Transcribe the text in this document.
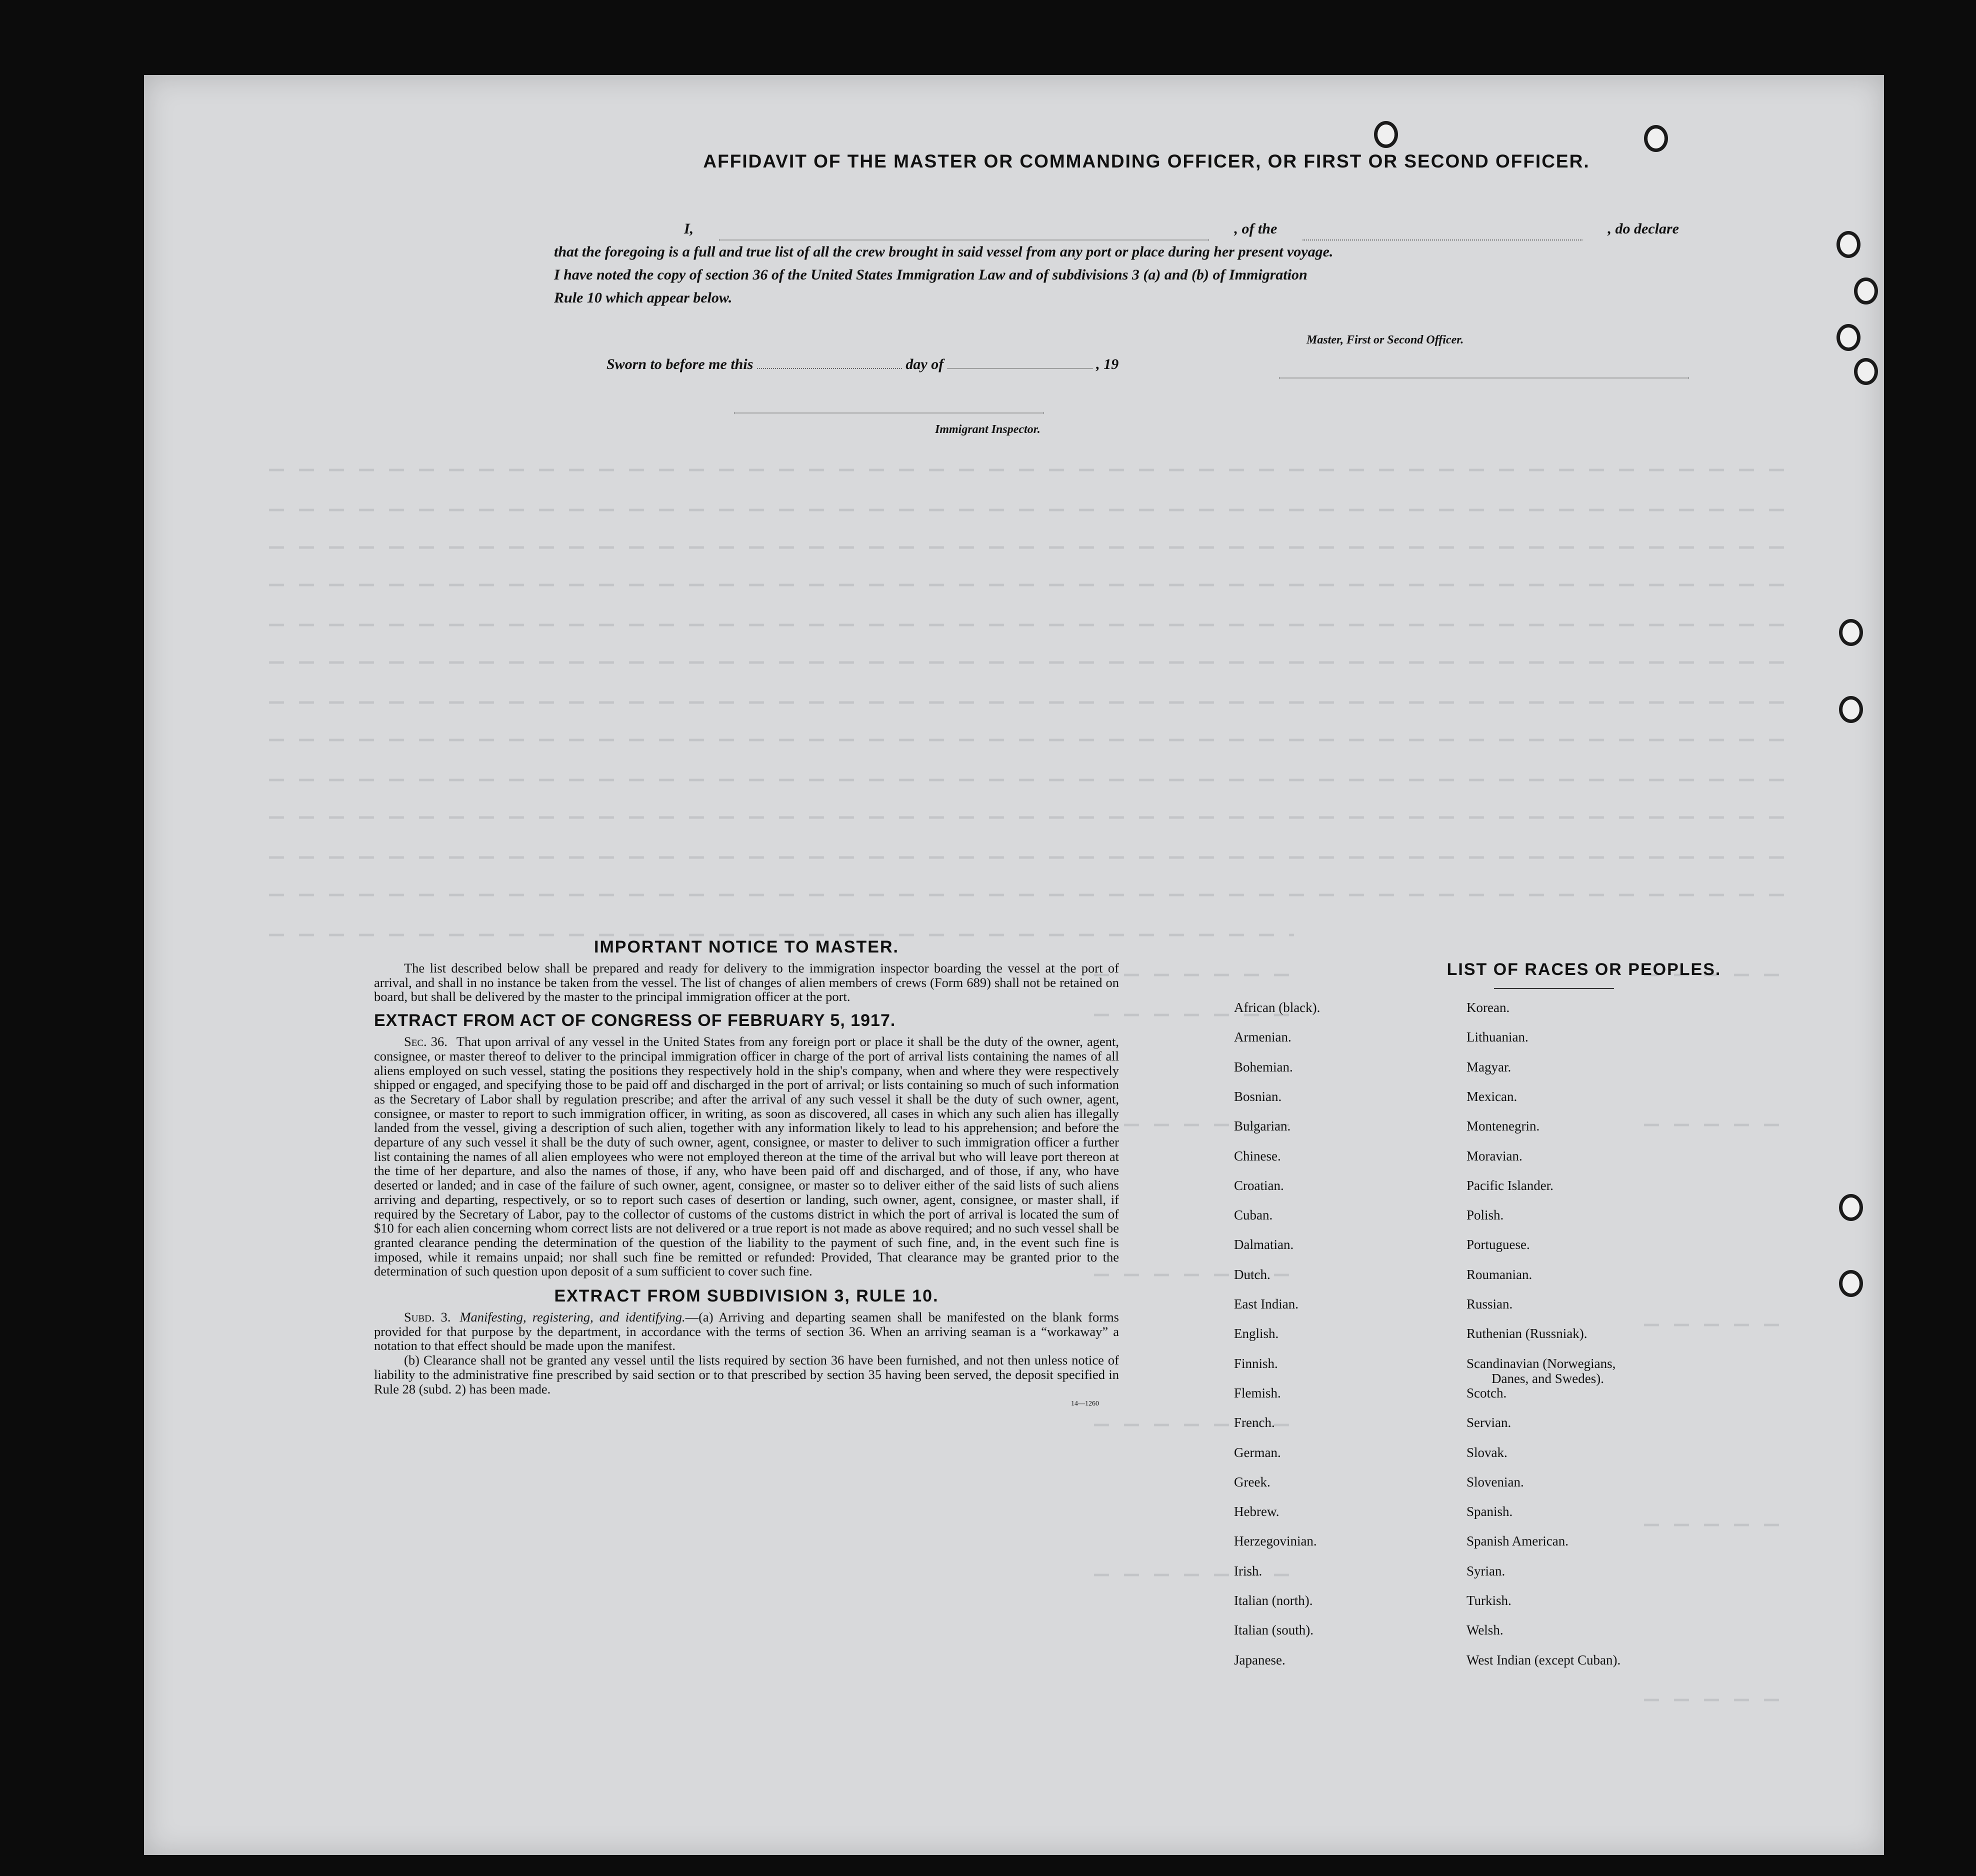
AFFIDAVIT OF THE MASTER OR COMMANDING OFFICER, OR FIRST OR SECOND OFFICER.
I,	, of the	, do declare
that the foregoing is a full and true list of all the crew brought in said vessel from any port or place during her present voyage.
I have noted the copy of section 36 of the United States Immigration Law and of subdivisions 3 (a) and (b) of Immigration
Rule 10 which appear below.
Master, First or Second Officer.
Sworn to before me this	day of	, 19
Immigrant Inspector.
IMPORTANT NOTICE TO MASTER.
The list described below shall be prepared and ready for delivery to the immigration inspector boarding the vessel at the port of arrival, and shall in no instance be taken from the vessel. The list of changes of alien members of crews (Form 689) shall not be retained on board, but shall be delivered by the master to the principal immigration officer at the port.
EXTRACT FROM ACT OF CONGRESS OF FEBRUARY 5, 1917.
Sec. 36. That upon arrival of any vessel in the United States from any foreign port or place it shall be the duty of the owner, agent, consignee, or master thereof to deliver to the principal immigration officer in charge of the port of arrival lists containing the names of all aliens employed on such vessel, stating the positions they respectively hold in the ship's company, when and where they were respectively shipped or engaged, and specifying those to be paid off and discharged in the port of arrival; or lists containing so much of such information as the Secretary of Labor shall by regulation prescribe; and after the arrival of any such vessel it shall be the duty of such owner, agent, consignee, or master to report to such immigration officer, in writing, as soon as discovered, all cases in which any such alien has illegally landed from the vessel, giving a description of such alien, together with any information likely to lead to his apprehension; and before the departure of any such vessel it shall be the duty of such owner, agent, consignee, or master to deliver to such immigration officer a further list containing the names of all alien employees who were not employed thereon at the time of the arrival but who will leave port thereon at the time of her departure, and also the names of those, if any, who have been paid off and discharged, and of those, if any, who have deserted or landed; and in case of the failure of such owner, agent, consignee, or master so to deliver either of the said lists of such aliens arriving and departing, respectively, or so to report such cases of desertion or landing, such owner, agent, consignee, or master shall, if required by the Secretary of Labor, pay to the collector of customs of the customs district in which the port of arrival is located the sum of $10 for each alien concerning whom correct lists are not delivered or a true report is not made as above required; and no such vessel shall be granted clearance pending the determination of the question of the liability to the payment of such fine, and, in the event such fine is imposed, while it remains unpaid; nor shall such fine be remitted or refunded: Provided, That clearance may be granted prior to the determination of such question upon deposit of a sum sufficient to cover such fine.
EXTRACT FROM SUBDIVISION 3, RULE 10.
Subd. 3. Manifesting, registering, and identifying.—(a) Arriving and departing seamen shall be manifested on the blank forms provided for that purpose by the department, in accordance with the terms of section 36. When an arriving seaman is a “workaway” a notation to that effect should be made upon the manifest.
(b) Clearance shall not be granted any vessel until the lists required by section 36 have been furnished, and not then unless notice of liability to the administrative fine prescribed by said section or to that prescribed by section 35 having been served, the deposit specified in Rule 28 (subd. 2) has been made.
14—1260
LIST OF RACES OR PEOPLES.
African (black).
Armenian.
Bohemian.
Bosnian.
Bulgarian.
Chinese.
Croatian.
Cuban.
Dalmatian.
Dutch.
East Indian.
English.
Finnish.
Flemish.
French.
German.
Greek.
Hebrew.
Herzegovinian.
Irish.
Italian (north).
Italian (south).
Japanese.
Korean.
Lithuanian.
Magyar.
Mexican.
Montenegrin.
Moravian.
Pacific Islander.
Polish.
Portuguese.
Roumanian.
Russian.
Ruthenian (Russniak).
Scandinavian (Norwegians,
Danes, and Swedes).
Scotch.
Servian.
Slovak.
Slovenian.
Spanish.
Spanish American.
Syrian.
Turkish.
Welsh.
West Indian (except Cuban).
